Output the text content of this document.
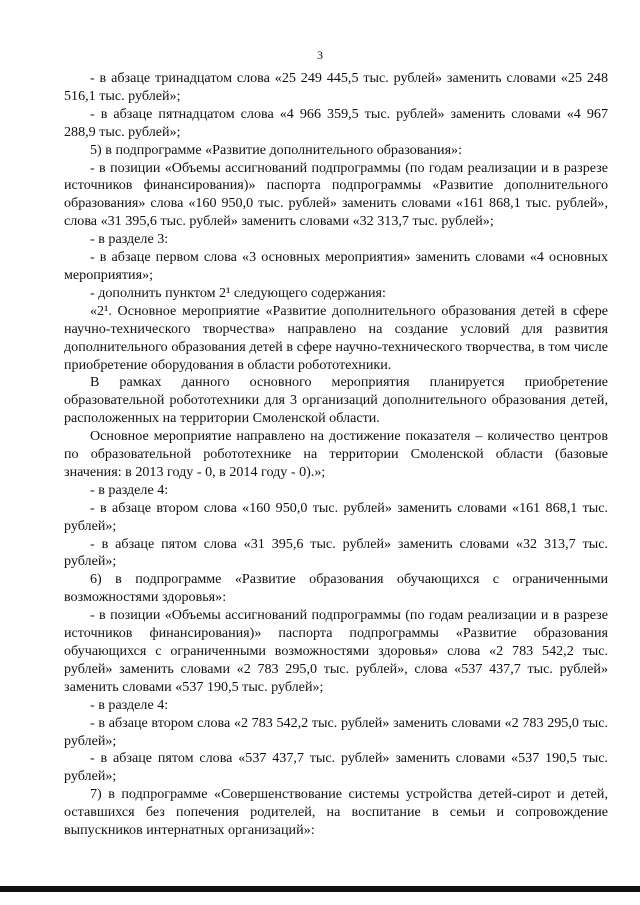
3

- в абзаце тринадцатом слова «25 249 445,5 тыс. рублей» заменить словами «25 248 516,1 тыс. рублей»;

- в абзаце пятнадцатом слова «4 966 359,5 тыс. рублей» заменить словами «4 967 288,9 тыс. рублей»;

5) в подпрограмме «Развитие дополнительного образования»:

- в позиции «Объемы ассигнований подпрограммы (по годам реализации и в разрезе источников финансирования)» паспорта подпрограммы «Развитие дополнительного образования» слова «160 950,0 тыс. рублей» заменить словами «161 868,1 тыс. рублей», слова «31 395,6 тыс. рублей» заменить словами «32 313,7 тыс. рублей»;

- в разделе 3:

- в абзаце первом слова «3 основных мероприятия» заменить словами «4 основных мероприятия»;

- дополнить пунктом 2¹ следующего содержания:

«2¹. Основное мероприятие «Развитие дополнительного образования детей в сфере научно-технического творчества» направлено на создание условий для развития дополнительного образования детей в сфере научно-технического творчества, в том числе приобретение оборудования в области робототехники.

В рамках данного основного мероприятия планируется приобретение образовательной робототехники для 3 организаций дополнительного образования детей, расположенных на территории Смоленской области.

Основное мероприятие направлено на достижение показателя – количество центров по образовательной робототехнике на территории Смоленской области (базовые значения: в 2013 году - 0, в 2014 году - 0).»;

- в разделе 4:

- в абзаце втором слова «160 950,0 тыс. рублей» заменить словами «161 868,1 тыс. рублей»;

- в абзаце пятом слова «31 395,6 тыс. рублей» заменить словами «32 313,7 тыс. рублей»;

6) в подпрограмме «Развитие образования обучающихся с ограниченными возможностями здоровья»:

- в позиции «Объемы ассигнований подпрограммы (по годам реализации и в разрезе источников финансирования)» паспорта подпрограммы «Развитие образования обучающихся с ограниченными возможностями здоровья» слова «2 783 542,2 тыс. рублей» заменить словами «2 783 295,0 тыс. рублей», слова «537 437,7 тыс. рублей» заменить словами «537 190,5 тыс. рублей»;

- в разделе 4:

- в абзаце втором слова «2 783 542,2 тыс. рублей» заменить словами «2 783 295,0 тыс. рублей»;

- в абзаце пятом слова «537 437,7 тыс. рублей» заменить словами «537 190,5 тыс. рублей»;

7) в подпрограмме «Совершенствование системы устройства детей-сирот и детей, оставшихся без попечения родителей, на воспитание в семьи и сопровождение выпускников интернатных организаций»:
